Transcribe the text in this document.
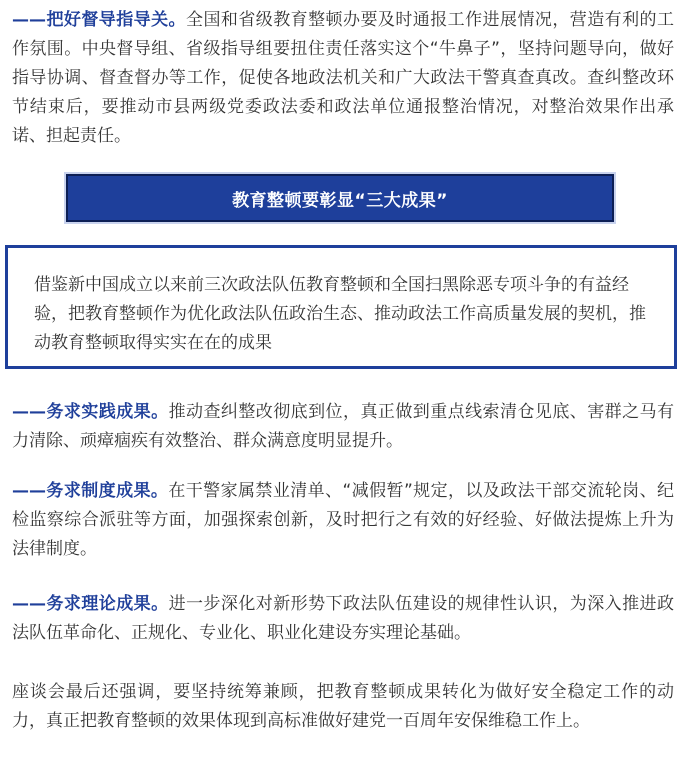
——把好督导指导关。全国和省级教育整顿办要及时通报工作进展情况，营造有利的工作氛围。中央督导组、省级指导组要扭住责任落实这个“牛鼻子”，坚持问题导向，做好指导协调、督查督办等工作，促使各地政法机关和广大政法干警真查真改。查纠整改环节结束后，要推动市县两级党委政法委和政法单位通报整治情况，对整治效果作出承诺、担起责任。

教育整顿要彰显“三大成果”

借鉴新中国成立以来前三次政法队伍教育整顿和全国扫黑除恶专项斗争的有益经验，把教育整顿作为优化政法队伍政治生态、推动政法工作高质量发展的契机，推动教育整顿取得实实在在的成果

——务求实践成果。推动查纠整改彻底到位，真正做到重点线索清仓见底、害群之马有力清除、顽瘴痼疾有效整治、群众满意度明显提升。

——务求制度成果。在干警家属禁业清单、“减假暂”规定，以及政法干部交流轮岗、纪检监察综合派驻等方面，加强探索创新，及时把行之有效的好经验、好做法提炼上升为法律制度。

——务求理论成果。进一步深化对新形势下政法队伍建设的规律性认识，为深入推进政法队伍革命化、正规化、专业化、职业化建设夯实理论基础。

座谈会最后还强调，要坚持统筹兼顾，把教育整顿成果转化为做好安全稳定工作的动力，真正把教育整顿的效果体现到高标准做好建党一百周年安保维稳工作上。
